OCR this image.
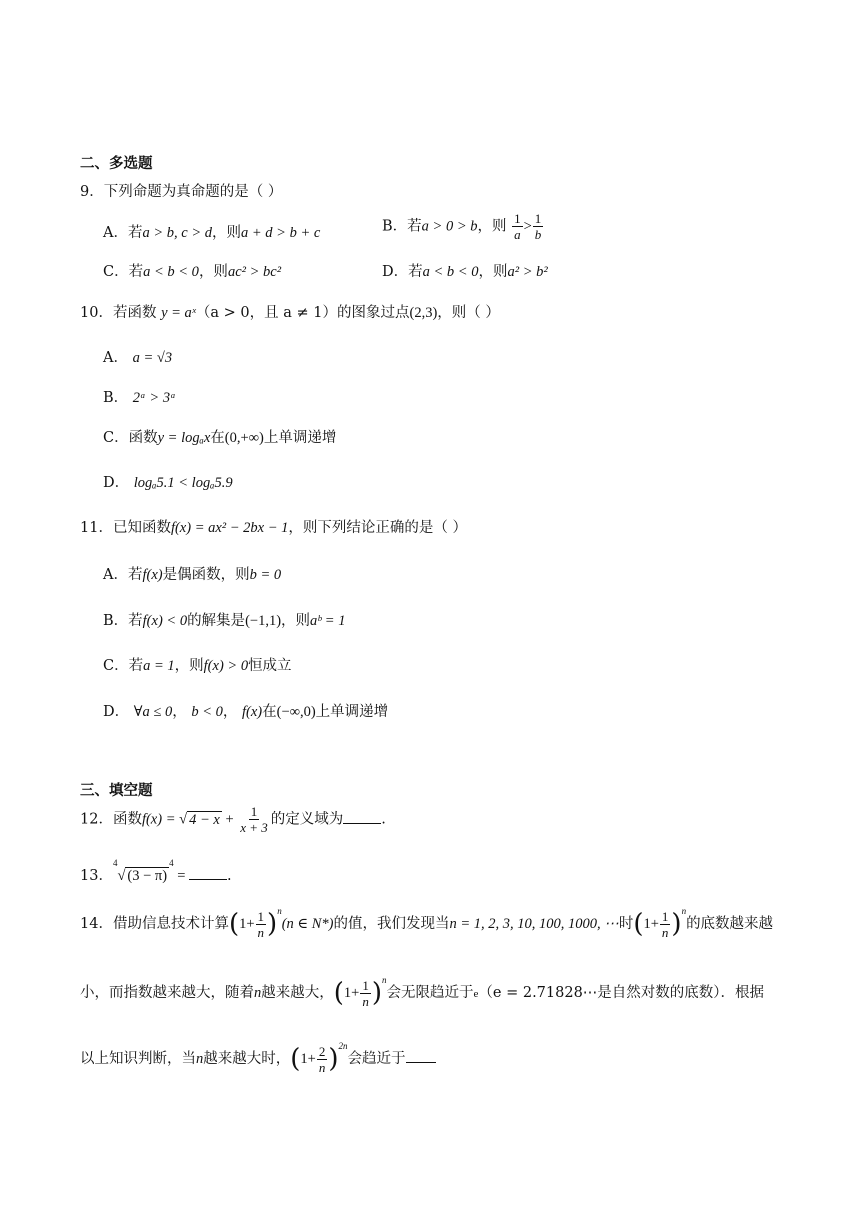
二、多选题
9．下列命题为真命题的是（ ）
A．若a > b, c > d，则a + d > b + c	B．若a > 0 > b，则 $\frac{1}{a} > \frac{1}{b}$
C．若a < b < 0，则ac² > bc²	D．若a < b < 0，则a² > b²
10．若函数 y = aˣ（a > 0，且 a ≠ 1）的图象过点(2,3)，则（ ）
A． a = √3
B． 2ᵃ > 3ᵃ
C．函数y = logₐx在(0,+∞)上单调递增
D． logₐ5.1 < logₐ5.9
11．已知函数f(x) = ax² − 2bx − 1，则下列结论正确的是（ ）
A．若f(x)是偶函数，则b = 0
B．若f(x) < 0的解集是(−1,1)，则aᵇ = 1
C．若a = 1，则f(x) > 0恒成立
D． ∀a ≤ 0， b < 0， f(x)在(−∞,0)上单调递增
三、填空题
12．函数f(x) = √ $4 - x + \frac{1}{x + 3}$ 的定义域为	.
13．$^4$√ $(3 - \pi)^4$ =	.
14．借助信息技术计算$(1+ \frac{1}{n} )^n(n$ ∈ N*)的值，我们发现当n = 1, 2, 3, 10, 100, 1000, ⋯时$(1+ \frac{1}{n} )^n$的底数越来越
小，而指数越来越大，随着n越来越大，$(1+ \frac{1}{n} )^n$会无限趋近于e（e = 2.71828⋯是自然对数的底数）．根据
以上知识判断，当n越来越大时，$(1+ \frac{2}{n} )^{2n}$会趋近于
